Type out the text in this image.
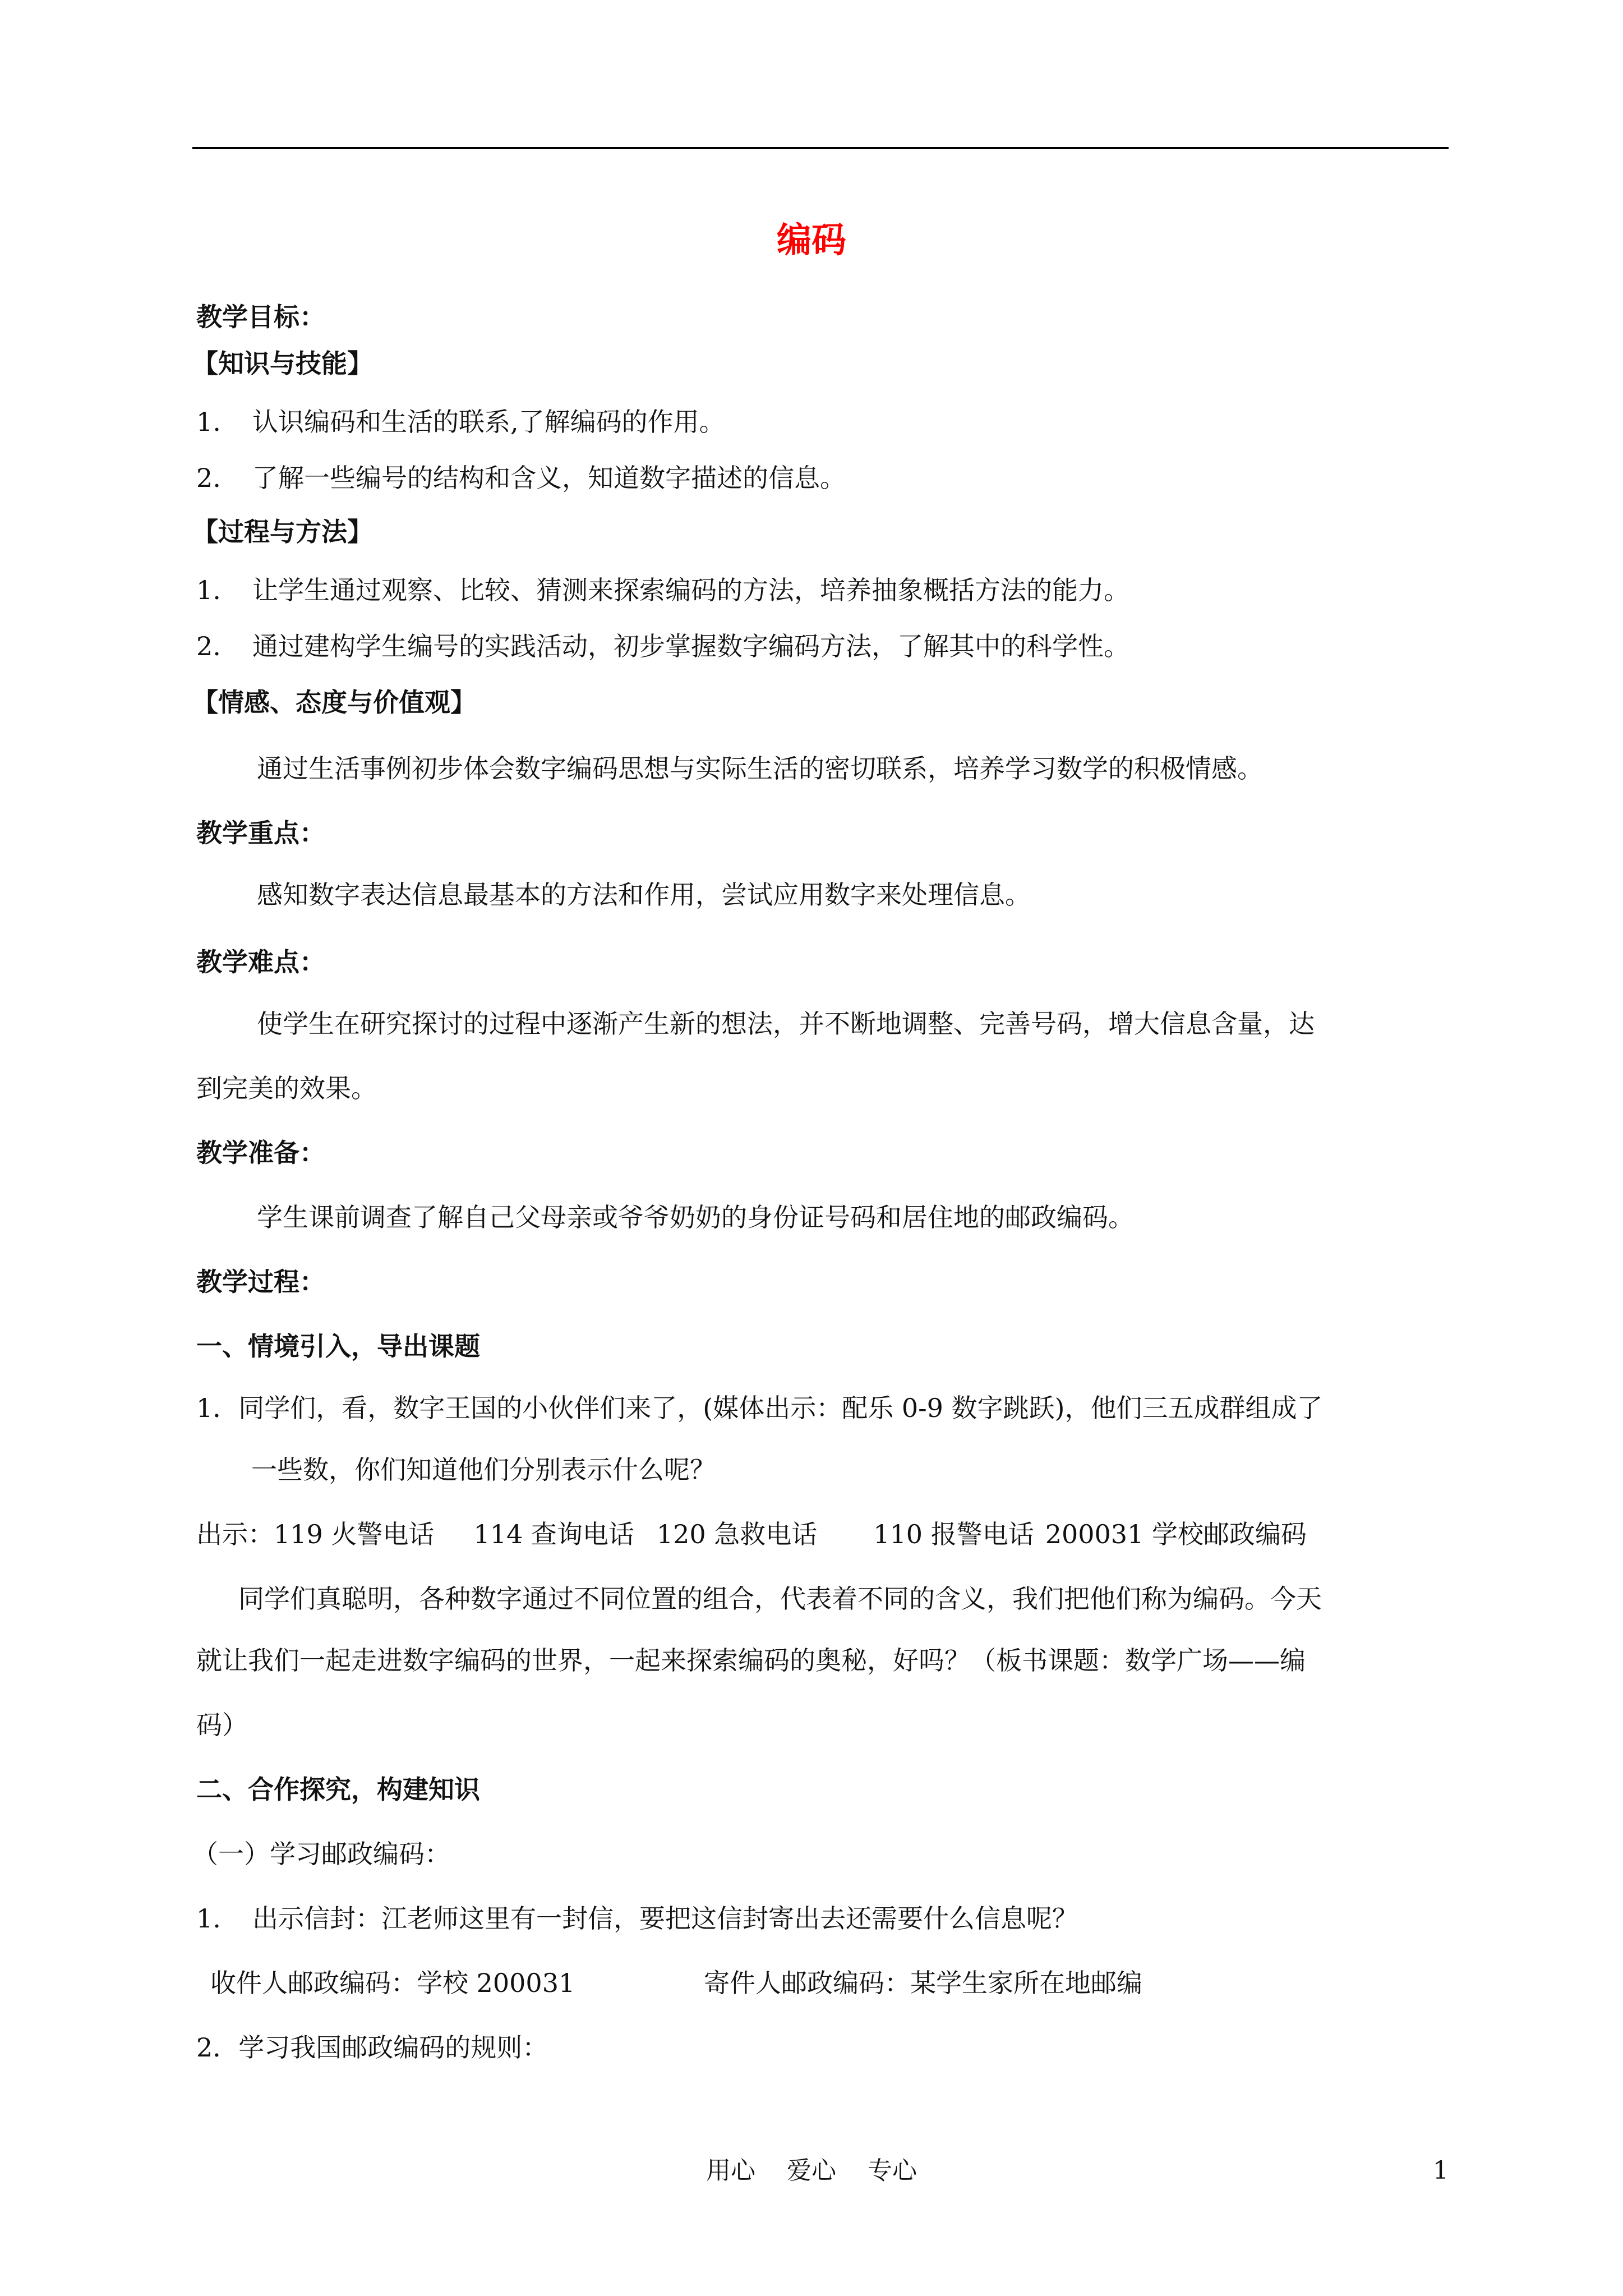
编码
教学目标：
【知识与技能】
1. 认识编码和生活的联系,了解编码的作用。
2. 了解一些编号的结构和含义，知道数字描述的信息。
【过程与方法】
1. 让学生通过观察、比较、猜测来探索编码的方法，培养抽象概括方法的能力。
2. 通过建构学生编号的实践活动，初步掌握数字编码方法，了解其中的科学性。
【情感、态度与价值观】
通过生活事例初步体会数字编码思想与实际生活的密切联系，培养学习数学的积极情感。
教学重点：
感知数字表达信息最基本的方法和作用，尝试应用数字来处理信息。
教学难点：
使学生在研究探讨的过程中逐渐产生新的想法，并不断地调整、完善号码，增大信息含量，达
到完美的效果。
教学准备：
学生课前调查了解自己父母亲或爷爷奶奶的身份证号码和居住地的邮政编码。
教学过程：
一、情境引入，导出课题
1．同学们，看，数字王国的小伙伴们来了，(媒体出示：配乐 0-9 数字跳跃)，他们三五成群组成了
一些数，你们知道他们分别表示什么呢？
出示：119 火警电话 114 查询电话 120 急救电话 110 报警电话 200031 学校邮政编码
同学们真聪明，各种数字通过不同位置的组合，代表着不同的含义，我们把他们称为编码。今天
就让我们一起走进数字编码的世界，一起来探索编码的奥秘，好吗？（板书课题：数学广场——编
码）
二、合作探究，构建知识
（一）学习邮政编码：
1. 出示信封：江老师这里有一封信，要把这信封寄出去还需要什么信息呢？
收件人邮政编码：学校 200031	寄件人邮政编码：某学生家所在地邮编
2．学习我国邮政编码的规则：
用心 爱心 专心	1
